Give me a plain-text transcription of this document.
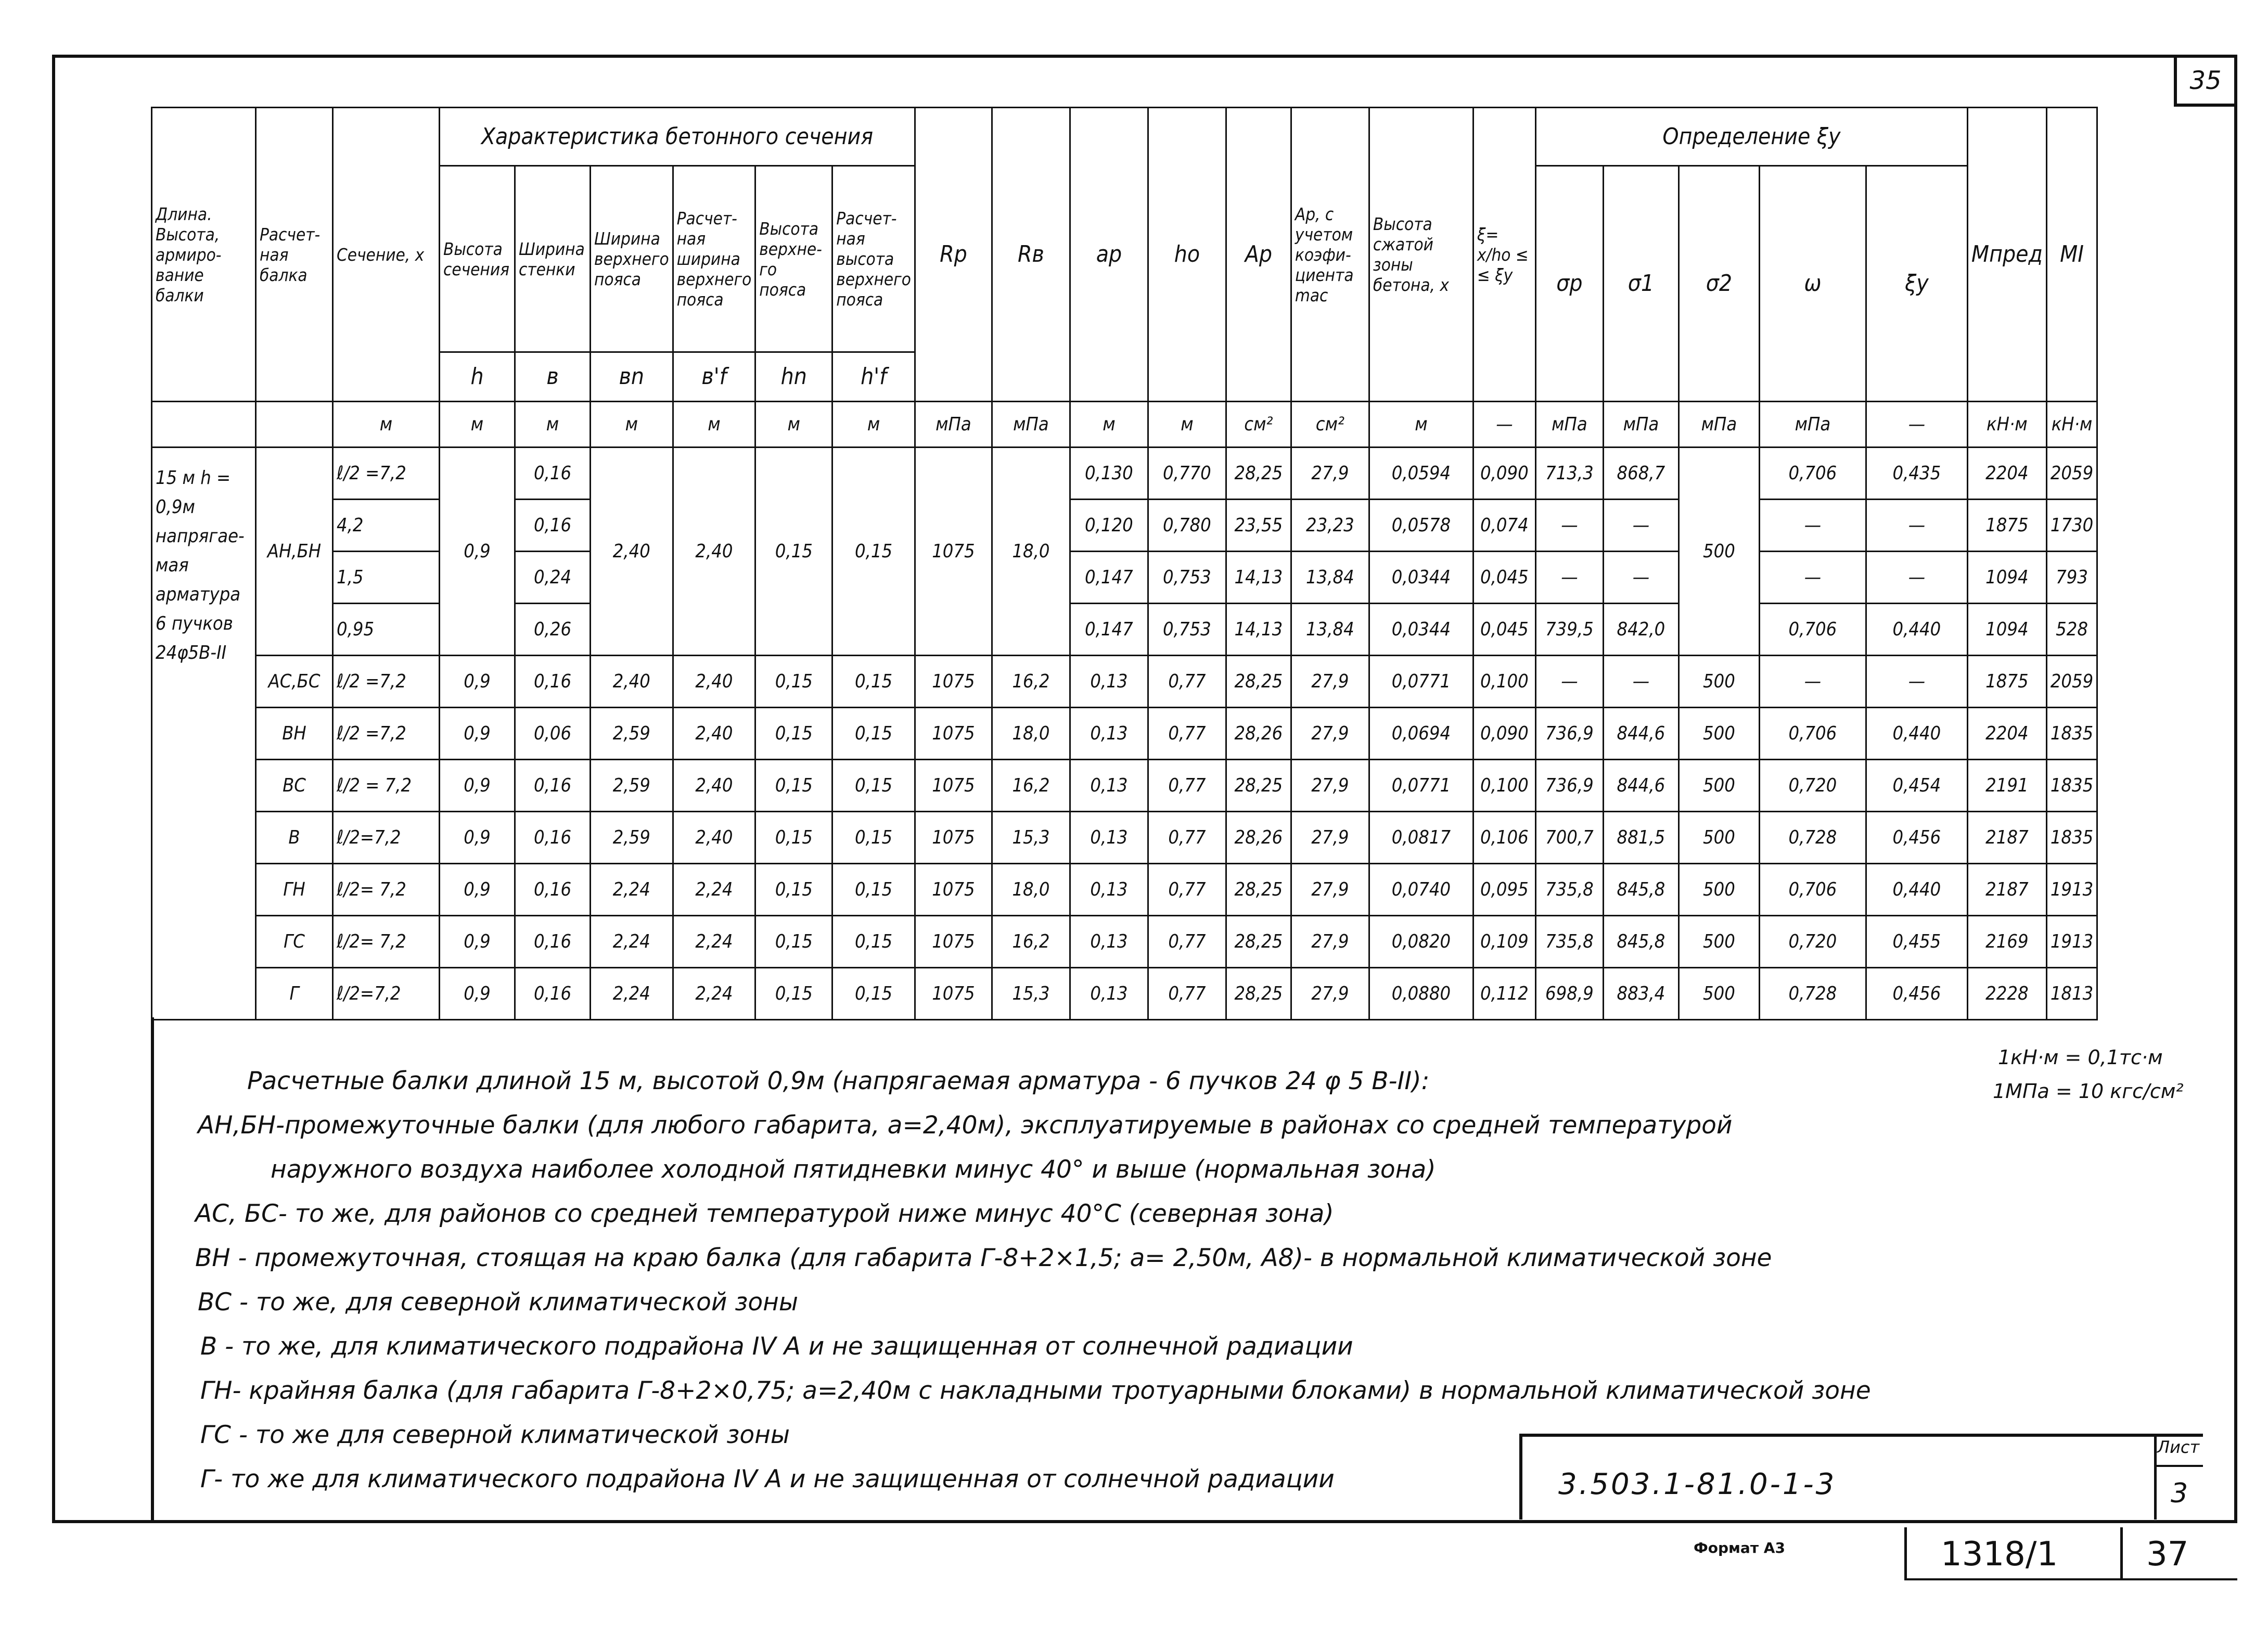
35
Длина. Высота, армиро- вание балки	Расчет- ная балка	Сечение, х	Характеристика бетонного сечения						Rp	Rв	ap	hо	Ap	Ap, с учетом коэфи- циента mac	Высота сжатой зоны бетона, х	ξ= x/ho ≤ ≤ ξy	Определение ξy					Mпред	MI
			Высота сечения	Ширина стенки	Ширина верхнего пояса	Расчет- ная ширина верхнего пояса	Высота верхне- го пояса	Расчет- ная высота верхнего пояса									σp	σ1	σ2	ω	ξy		
			h	в	вn	в'f	hn	h'f															
		м	м	м	м	м	м	м	мПа	мПа	м	м	см²	см²	м	—	мПа	мПа	мПа	мПа	—	кН·м	кН·м
15 м h = 0,9м напрягае- мая арматура 6 пучков 24φ5В-II	АН,БН	ℓ/2 =7,2	0,9	0,16	2,40	2,40	0,15	0,15	1075	18,0	0,130	0,770	28,25	27,9	0,0594	0,090	713,3	868,7	500	0,706	0,435	2204	2059
		4,2		0,16							0,120	0,780	23,55	23,23	0,0578	0,074	—	—		—	—	1875	1730
		1,5		0,24							0,147	0,753	14,13	13,84	0,0344	0,045	—	—		—	—	1094	793
		0,95		0,26							0,147	0,753	14,13	13,84	0,0344	0,045	739,5	842,0		0,706	0,440	1094	528
	АС,БС	ℓ/2 =7,2	0,9	0,16	2,40	2,40	0,15	0,15	1075	16,2	0,13	0,77	28,25	27,9	0,0771	0,100	—	—	500	—	—	1875	2059
	ВН	ℓ/2 =7,2	0,9	0,06	2,59	2,40	0,15	0,15	1075	18,0	0,13	0,77	28,26	27,9	0,0694	0,090	736,9	844,6	500	0,706	0,440	2204	1835
	ВС	ℓ/2 = 7,2	0,9	0,16	2,59	2,40	0,15	0,15	1075	16,2	0,13	0,77	28,25	27,9	0,0771	0,100	736,9	844,6	500	0,720	0,454	2191	1835
	В	ℓ/2=7,2	0,9	0,16	2,59	2,40	0,15	0,15	1075	15,3	0,13	0,77	28,26	27,9	0,0817	0,106	700,7	881,5	500	0,728	0,456	2187	1835
	ГН	ℓ/2= 7,2	0,9	0,16	2,24	2,24	0,15	0,15	1075	18,0	0,13	0,77	28,25	27,9	0,0740	0,095	735,8	845,8	500	0,706	0,440	2187	1913
	ГС	ℓ/2= 7,2	0,9	0,16	2,24	2,24	0,15	0,15	1075	16,2	0,13	0,77	28,25	27,9	0,0820	0,109	735,8	845,8	500	0,720	0,455	2169	1913
	Г	ℓ/2=7,2	0,9	0,16	2,24	2,24	0,15	0,15	1075	15,3	0,13	0,77	28,25	27,9	0,0880	0,112	698,9	883,4	500	0,728	0,456	2228	1813
Расчетные балки длиной 15 м, высотой 0,9м (напрягаемая арматура - 6 пучков 24 φ 5 В-II):
АН,БН-промежуточные балки (для любого габарита, а=2,40м), эксплуатируемые в районах со средней температурой
наружного воздуха наиболее холодной пятидневки минус 40° и выше (нормальная зона)
АС, БС- то же, для районов со средней температурой ниже минус 40°С (северная зона)
ВН - промежуточная, стоящая на краю балка (для габарита Г-8+2×1,5; а= 2,50м, А8)- в нормальной климатической зоне
ВС - то же, для северной климатической зоны
В - то же, для климатического подрайона IV А и не защищенная от солнечной радиации
ГН- крайняя балка (для габарита Г-8+2×0,75; а=2,40м с накладными тротуарными блоками) в нормальной климатической зоне
ГС - то же для северной климатической зоны
Г- то же для климатического подрайона IV А и не защищенная от солнечной радиации
1кН·м = 0,1тс·м
1МПа = 10 кгс/см²
3.503.1-81.0-1-3
Лист
3
Формат А3	1318/1	37
